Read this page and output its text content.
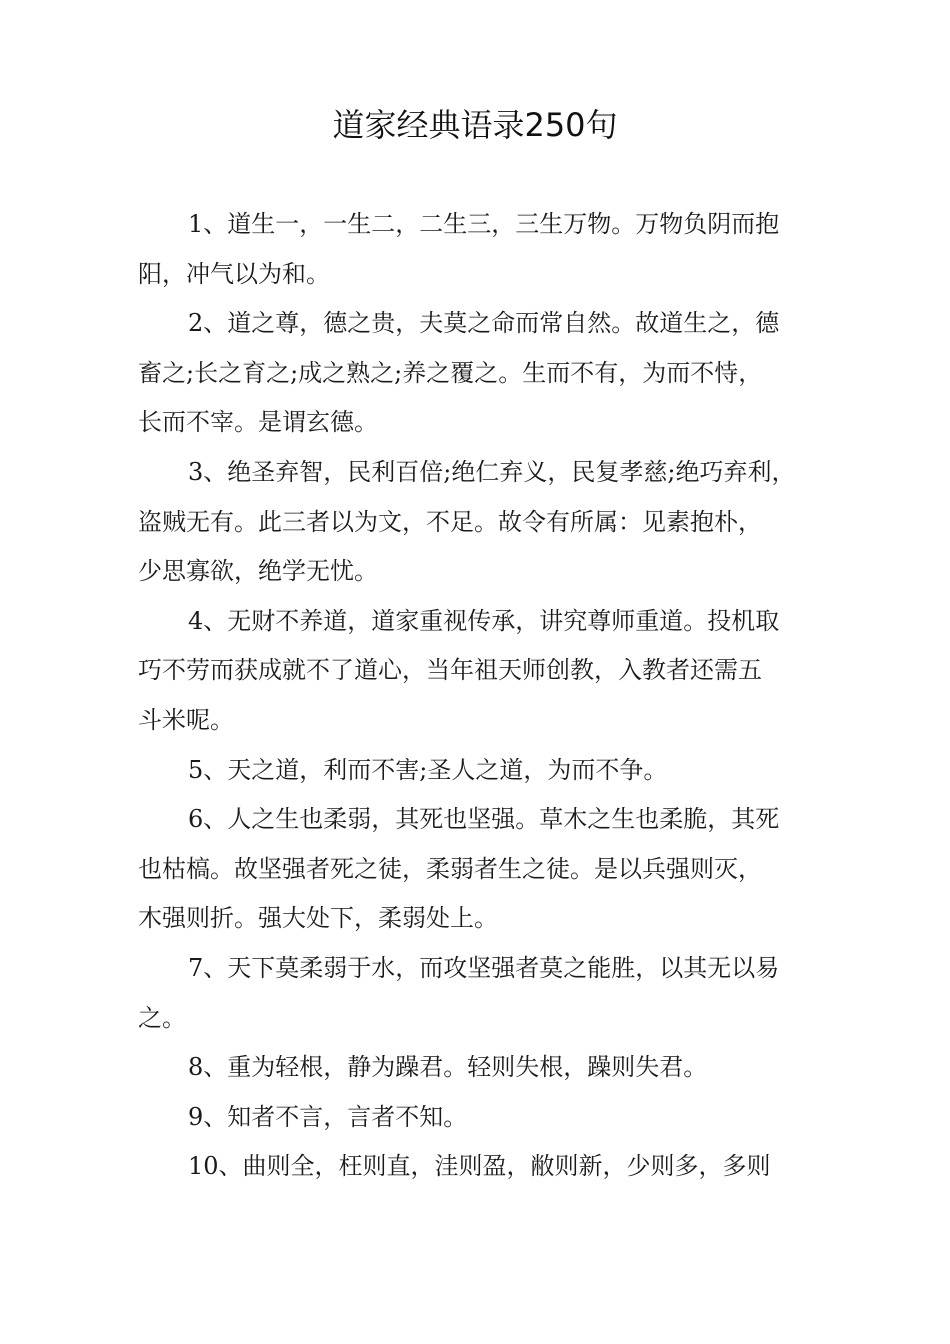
道家经典语录250句

1、道生一，一生二，二生三，三生万物。万物负阴而抱
阳，冲气以为和。

2、道之尊，德之贵，夫莫之命而常自然。故道生之，德
畜之;长之育之;成之熟之;养之覆之。生而不有，为而不恃，
长而不宰。是谓玄德。

3、绝圣弃智，民利百倍;绝仁弃义，民复孝慈;绝巧弃利，
盗贼无有。此三者以为文，不足。故令有所属：见素抱朴，
少思寡欲，绝学无忧。

4、无财不养道，道家重视传承，讲究尊师重道。投机取
巧不劳而获成就不了道心，当年祖天师创教，入教者还需五
斗米呢。

5、天之道，利而不害;圣人之道，为而不争。

6、人之生也柔弱，其死也坚强。草木之生也柔脆，其死
也枯槁。故坚强者死之徒，柔弱者生之徒。是以兵强则灭，
木强则折。强大处下，柔弱处上。

7、天下莫柔弱于水，而攻坚强者莫之能胜，以其无以易
之。

8、重为轻根，静为躁君。轻则失根，躁则失君。

9、知者不言，言者不知。

10、曲则全，枉则直，洼则盈，敝则新，少则多，多则
